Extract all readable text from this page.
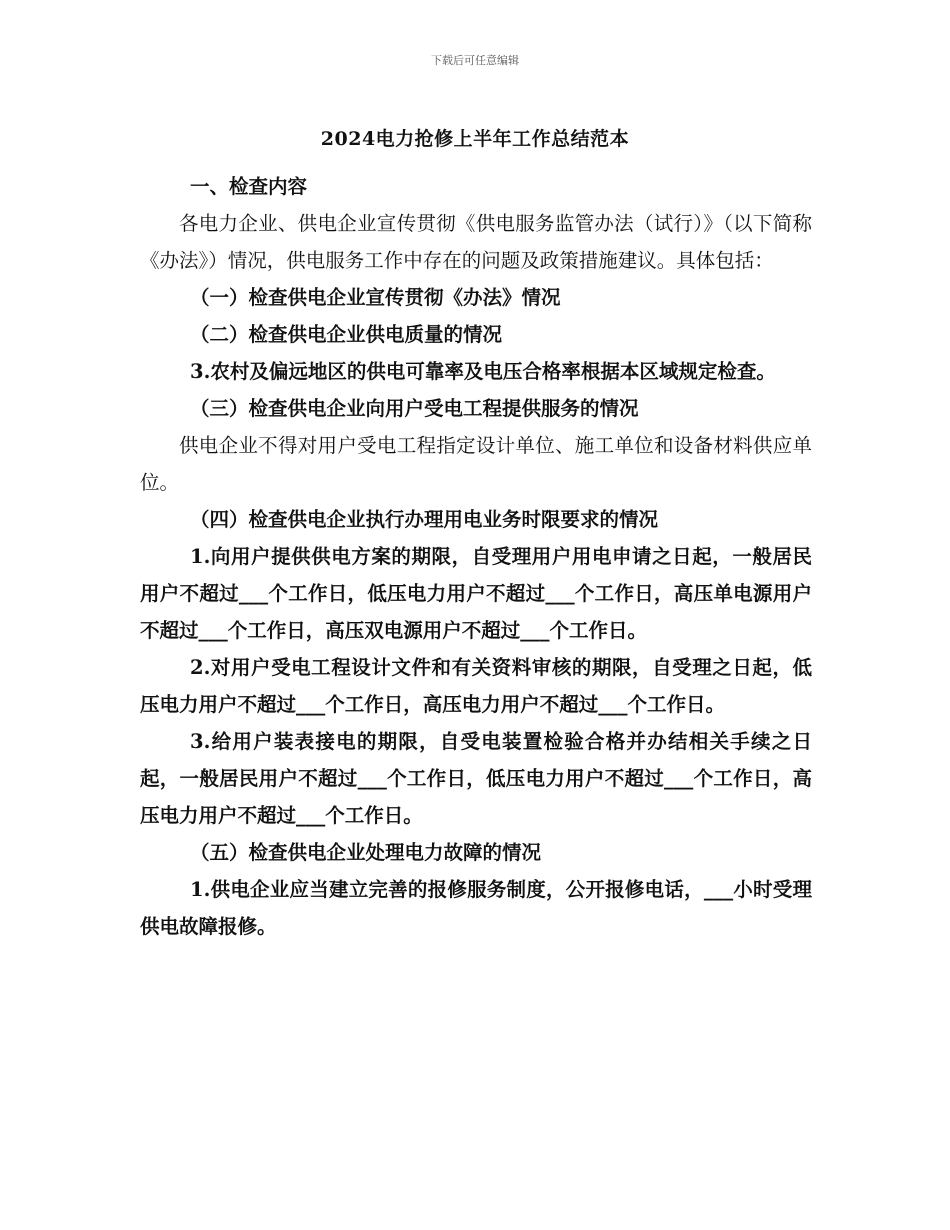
下载后可任意编辑
2024电力抢修上半年工作总结范本

一、检查内容

各电力企业、供电企业宣传贯彻《供电服务监管办法（试行）》（以下简称《办法》）情况，供电服务工作中存在的问题及政策措施建议。具体包括：

（一）检查供电企业宣传贯彻《办法》情况

（二）检查供电企业供电质量的情况

3.农村及偏远地区的供电可靠率及电压合格率根据本区域规定检查。

（三）检查供电企业向用户受电工程提供服务的情况

供电企业不得对用户受电工程指定设计单位、施工单位和设备材料供应单位。

（四）检查供电企业执行办理用电业务时限要求的情况

1.向用户提供供电方案的期限，自受理用户用电申请之日起，一般居民用户不超过___个工作日，低压电力用户不超过___个工作日，高压单电源用户不超过___个工作日，高压双电源用户不超过___个工作日。

2.对用户受电工程设计文件和有关资料审核的期限，自受理之日起，低压电力用户不超过___个工作日，高压电力用户不超过___个工作日。

3.给用户装表接电的期限，自受电装置检验合格并办结相关手续之日起，一般居民用户不超过___个工作日，低压电力用户不超过___个工作日，高压电力用户不超过___个工作日。

（五）检查供电企业处理电力故障的情况

1.供电企业应当建立完善的报修服务制度，公开报修电话，___小时受理供电故障报修。
